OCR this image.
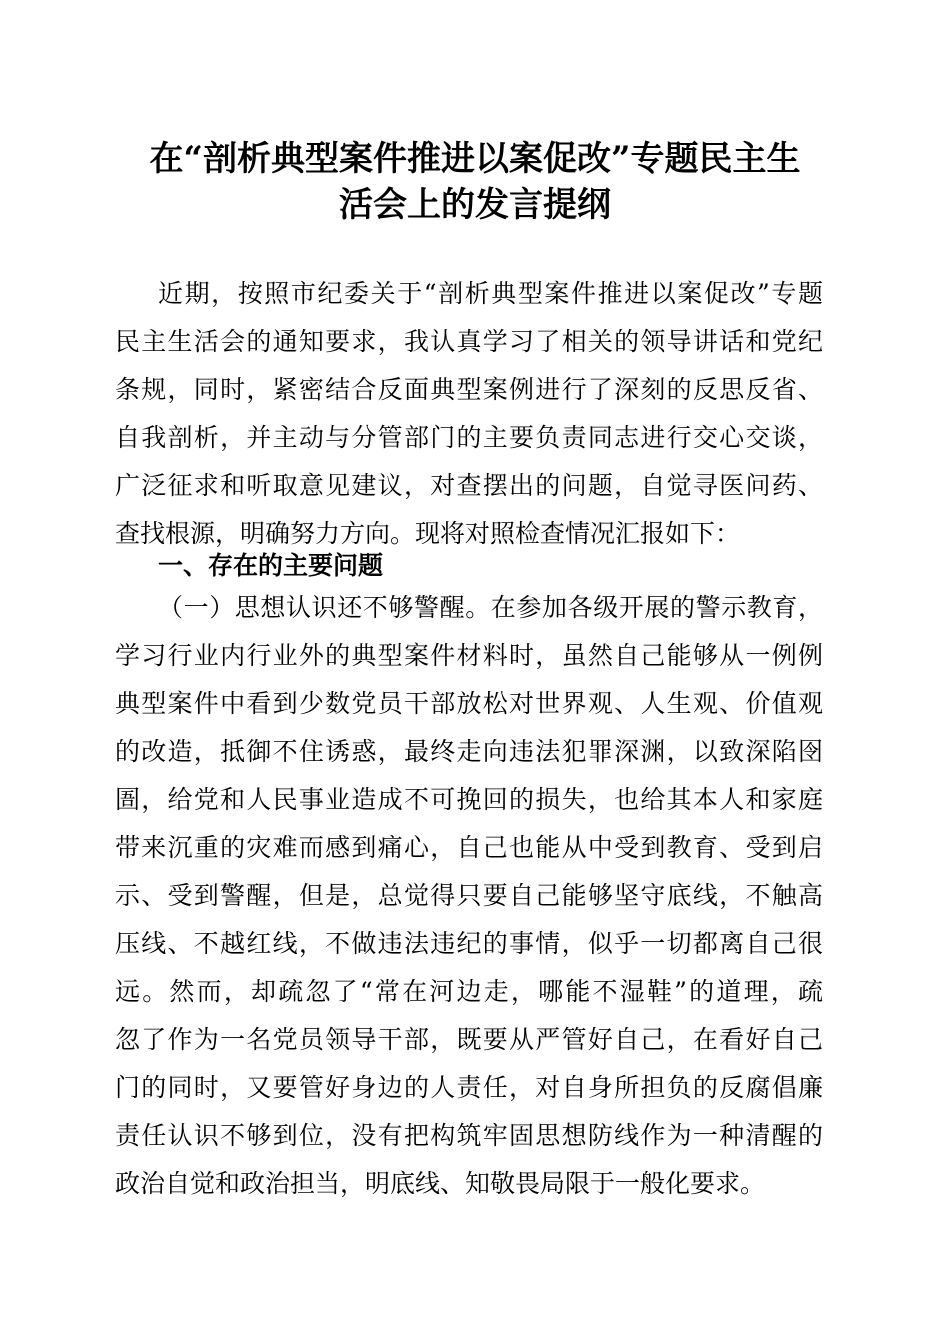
在“剖析典型案件推进以案促改”专题民主生
活会上的发言提纲

近期，按照市纪委关于“剖析典型案件推进以案促改”专题

民主生活会的通知要求，我认真学习了相关的领导讲话和党纪

条规，同时，紧密结合反面典型案例进行了深刻的反思反省、

自我剖析，并主动与分管部门的主要负责同志进行交心交谈，

广泛征求和听取意见建议，对查摆出的问题，自觉寻医问药、

查找根源，明确努力方向。现将对照检查情况汇报如下：

一、存在的主要问题

（一）思想认识还不够警醒。在参加各级开展的警示教育，

学习行业内行业外的典型案件材料时，虽然自己能够从一例例

典型案件中看到少数党员干部放松对世界观、人生观、价值观

的改造，抵御不住诱惑，最终走向违法犯罪深渊，以致深陷囹

圄，给党和人民事业造成不可挽回的损失，也给其本人和家庭

带来沉重的灾难而感到痛心，自己也能从中受到教育、受到启

示、受到警醒，但是，总觉得只要自己能够坚守底线，不触高

压线、不越红线，不做违法违纪的事情，似乎一切都离自己很

远。然而，却疏忽了“常在河边走，哪能不湿鞋”的道理，疏

忽了作为一名党员领导干部，既要从严管好自己，在看好自己

门的同时，又要管好身边的人责任，对自身所担负的反腐倡廉

责任认识不够到位，没有把构筑牢固思想防线作为一种清醒的

政治自觉和政治担当，明底线、知敬畏局限于一般化要求。
